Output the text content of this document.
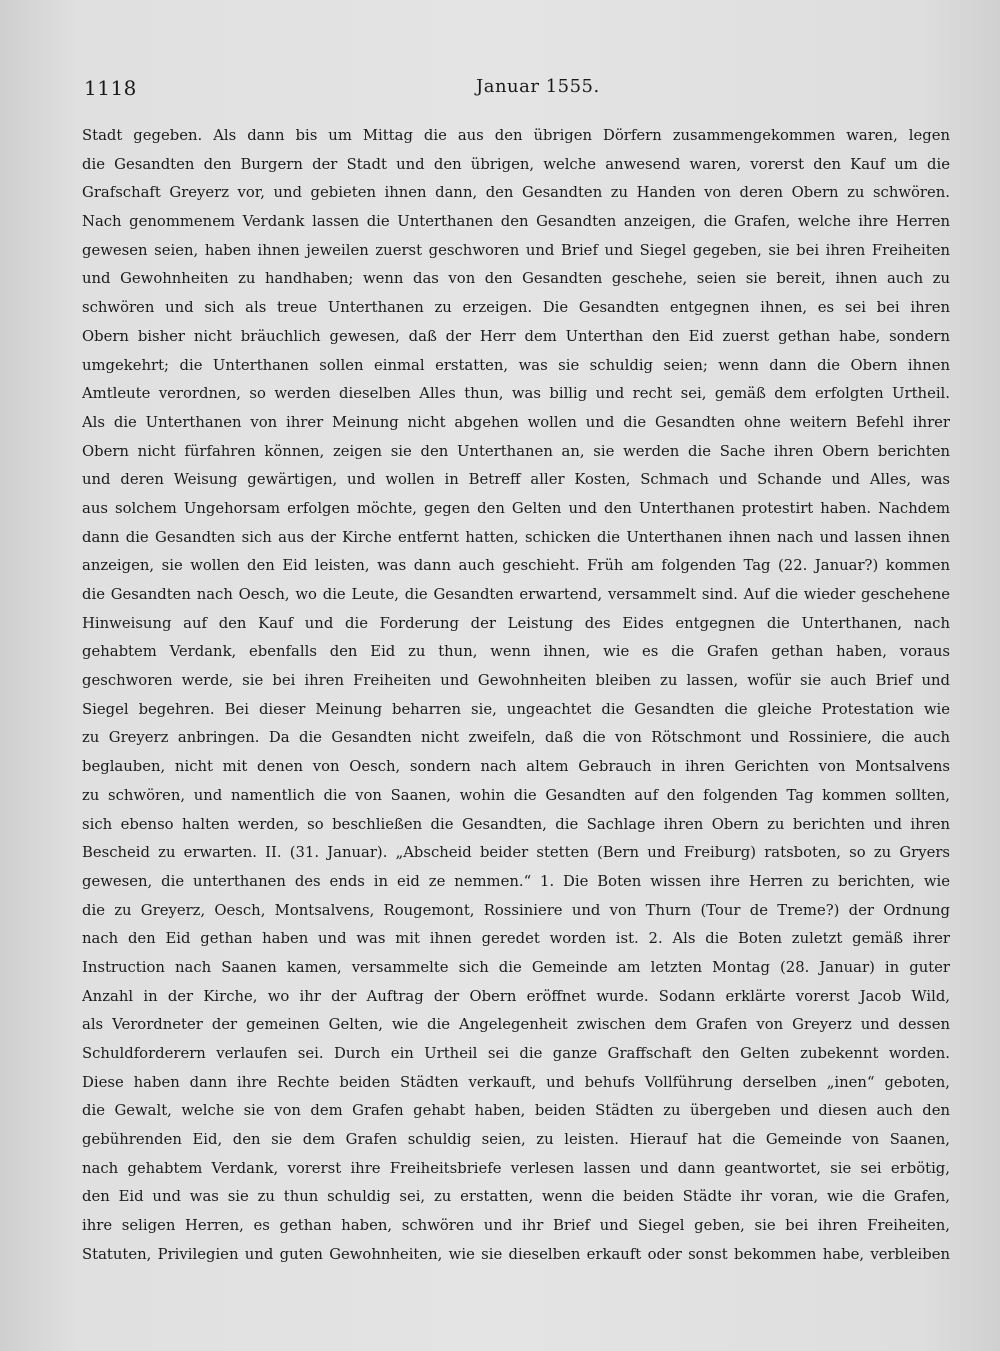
1118	Januar 1555.
Stadt gegeben. Als dann bis um Mittag die aus den übrigen Dörfern zusammengekommen waren, legen
die Gesandten den Burgern der Stadt und den übrigen, welche anwesend waren, vorerst den Kauf um die
Grafschaft Greyerz vor, und gebieten ihnen dann, den Gesandten zu Handen von deren Obern zu schwören.
Nach genommenem Verdank lassen die Unterthanen den Gesandten anzeigen, die Grafen, welche ihre Herren
gewesen seien, haben ihnen jeweilen zuerst geschworen und Brief und Siegel gegeben, sie bei ihren Freiheiten
und Gewohnheiten zu handhaben; wenn das von den Gesandten geschehe, seien sie bereit, ihnen auch zu
schwören und sich als treue Unterthanen zu erzeigen. Die Gesandten entgegnen ihnen, es sei bei ihren
Obern bisher nicht bräuchlich gewesen, daß der Herr dem Unterthan den Eid zuerst gethan habe, sondern
umgekehrt; die Unterthanen sollen einmal erstatten, was sie schuldig seien; wenn dann die Obern ihnen
Amtleute verordnen, so werden dieselben Alles thun, was billig und recht sei, gemäß dem erfolgten Urtheil.
Als die Unterthanen von ihrer Meinung nicht abgehen wollen und die Gesandten ohne weitern Befehl ihrer
Obern nicht fürfahren können, zeigen sie den Unterthanen an, sie werden die Sache ihren Obern berichten
und deren Weisung gewärtigen, und wollen in Betreff aller Kosten, Schmach und Schande und Alles, was
aus solchem Ungehorsam erfolgen möchte, gegen den Gelten und den Unterthanen protestirt haben. Nachdem
dann die Gesandten sich aus der Kirche entfernt hatten, schicken die Unterthanen ihnen nach und lassen ihnen
anzeigen, sie wollen den Eid leisten, was dann auch geschieht. Früh am folgenden Tag (22. Januar?) kommen
die Gesandten nach Oesch, wo die Leute, die Gesandten erwartend, versammelt sind. Auf die wieder geschehene
Hinweisung auf den Kauf und die Forderung der Leistung des Eides entgegnen die Unterthanen, nach
gehabtem Verdank, ebenfalls den Eid zu thun, wenn ihnen, wie es die Grafen gethan haben, voraus
geschworen werde, sie bei ihren Freiheiten und Gewohnheiten bleiben zu lassen, wofür sie auch Brief und
Siegel begehren. Bei dieser Meinung beharren sie, ungeachtet die Gesandten die gleiche Protestation wie
zu Greyerz anbringen. Da die Gesandten nicht zweifeln, daß die von Rötschmont und Rossiniere, die auch
beglauben, nicht mit denen von Oesch, sondern nach altem Gebrauch in ihren Gerichten von Montsalvens
zu schwören, und namentlich die von Saanen, wohin die Gesandten auf den folgenden Tag kommen sollten,
sich ebenso halten werden, so beschließen die Gesandten, die Sachlage ihren Obern zu berichten und ihren
Bescheid zu erwarten. II. (31. Januar). „Abscheid beider stetten (Bern und Freiburg) ratsboten, so zu Gryers
gewesen, die unterthanen des ends in eid ze nemmen.“ 1. Die Boten wissen ihre Herren zu berichten, wie
die zu Greyerz, Oesch, Montsalvens, Rougemont, Rossiniere und von Thurn (Tour de Treme?) der Ordnung
nach den Eid gethan haben und was mit ihnen geredet worden ist. 2. Als die Boten zuletzt gemäß ihrer
Instruction nach Saanen kamen, versammelte sich die Gemeinde am letzten Montag (28. Januar) in guter
Anzahl in der Kirche, wo ihr der Auftrag der Obern eröffnet wurde. Sodann erklärte vorerst Jacob Wild,
als Verordneter der gemeinen Gelten, wie die Angelegenheit zwischen dem Grafen von Greyerz und dessen
Schuldforderern verlaufen sei. Durch ein Urtheil sei die ganze Graffschaft den Gelten zubekennt worden.
Diese haben dann ihre Rechte beiden Städten verkauft, und behufs Vollführung derselben „inen“ geboten,
die Gewalt, welche sie von dem Grafen gehabt haben, beiden Städten zu übergeben und diesen auch den
gebührenden Eid, den sie dem Grafen schuldig seien, zu leisten. Hierauf hat die Gemeinde von Saanen,
nach gehabtem Verdank, vorerst ihre Freiheitsbriefe verlesen lassen und dann geantwortet, sie sei erbötig,
den Eid und was sie zu thun schuldig sei, zu erstatten, wenn die beiden Städte ihr voran, wie die Grafen,
ihre seligen Herren, es gethan haben, schwören und ihr Brief und Siegel geben, sie bei ihren Freiheiten,
Statuten, Privilegien und guten Gewohnheiten, wie sie dieselben erkauft oder sonst bekommen habe, verbleiben
